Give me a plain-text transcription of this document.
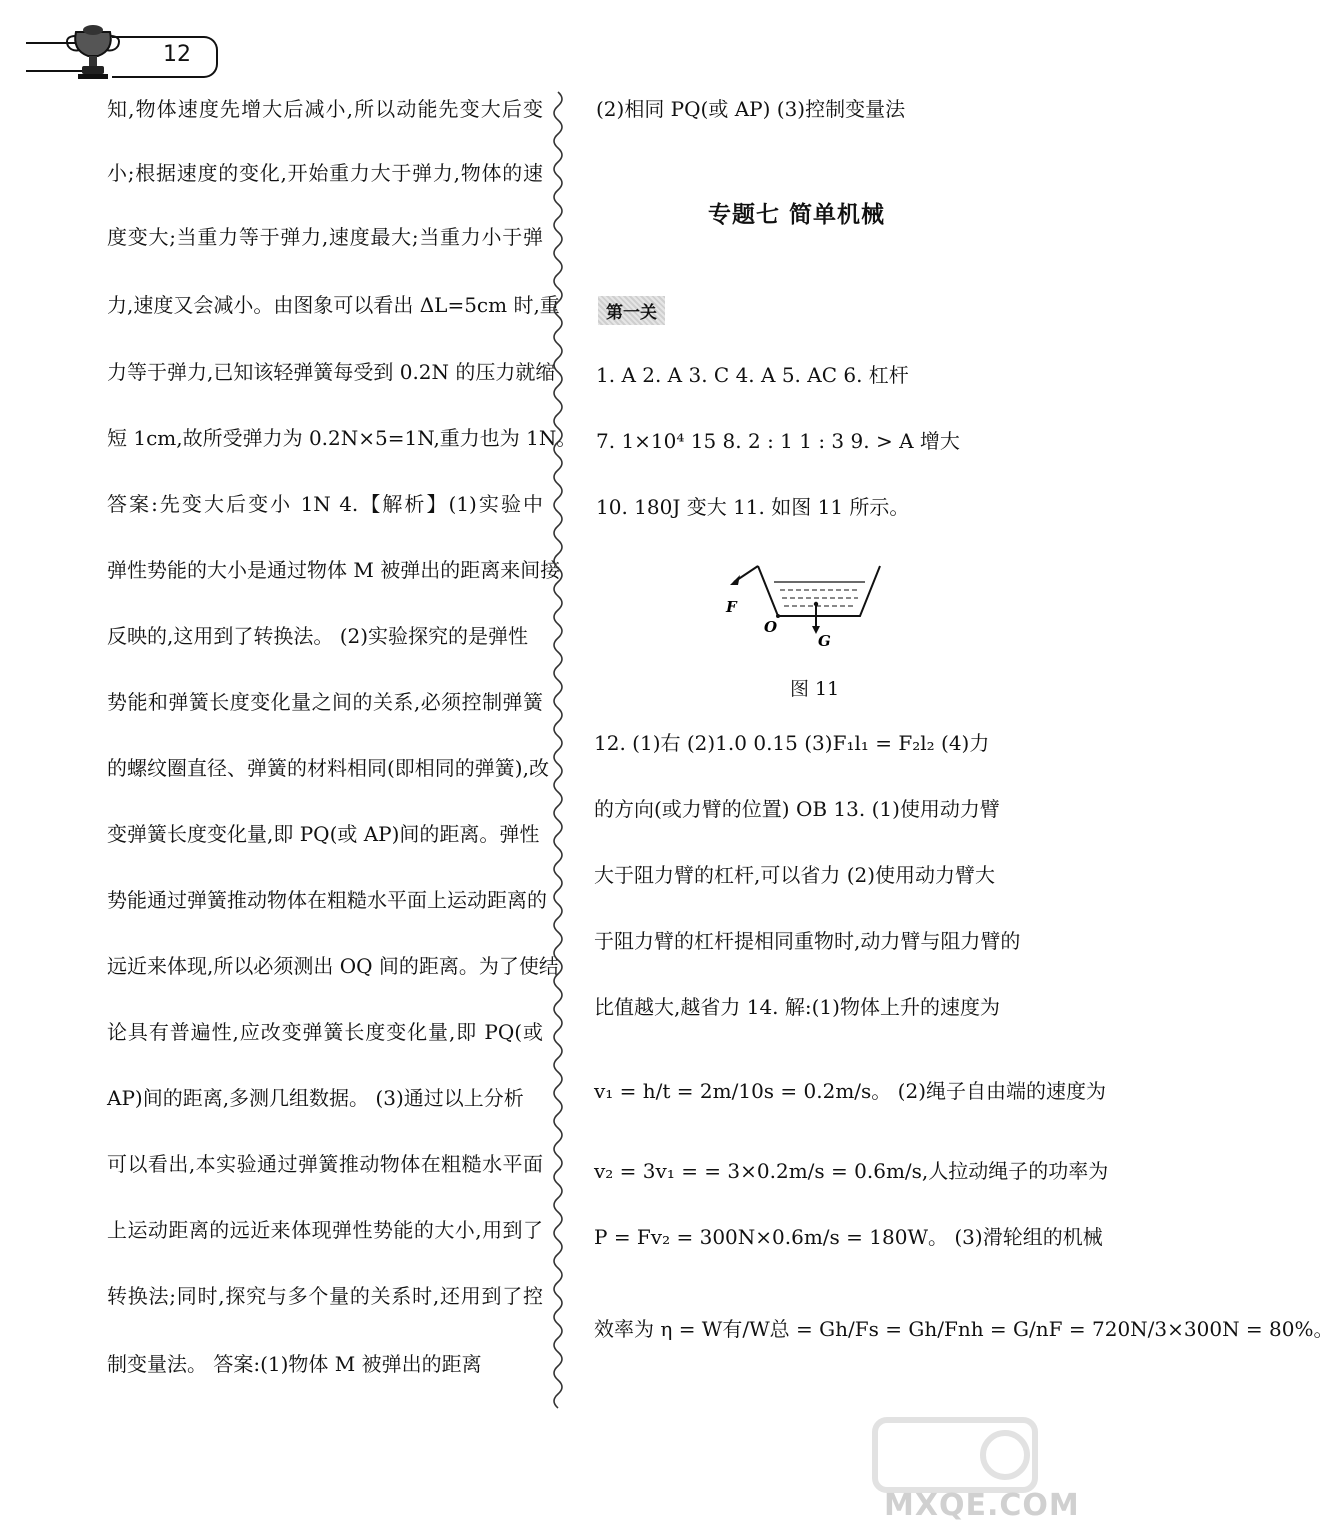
12
知,物体速度先增大后减小,所以动能先变大后变
小;根据速度的变化,开始重力大于弹力,物体的速
度变大;当重力等于弹力,速度最大;当重力小于弹
力,速度又会减小。由图象可以看出 ΔL=5cm 时,重
力等于弹力,已知该轻弹簧每受到 0.2N 的压力就缩
短 1cm,故所受弹力为 0.2N×5=1N,重力也为 1N。
答案:先变大后变小 1N 4.【解析】(1)实验中
弹性势能的大小是通过物体 M 被弹出的距离来间接
反映的,这用到了转换法。 (2)实验探究的是弹性
势能和弹簧长度变化量之间的关系,必须控制弹簧
的螺纹圈直径、弹簧的材料相同(即相同的弹簧),改
变弹簧长度变化量,即 PQ(或 AP)间的距离。弹性
势能通过弹簧推动物体在粗糙水平面上运动距离的
远近来体现,所以必须测出 OQ 间的距离。为了使结
论具有普遍性,应改变弹簧长度变化量,即 PQ(或
AP)间的距离,多测几组数据。 (3)通过以上分析
可以看出,本实验通过弹簧推动物体在粗糙水平面
上运动距离的远近来体现弹性势能的大小,用到了
转换法;同时,探究与多个量的关系时,还用到了控
制变量法。 答案:(1)物体 M 被弹出的距离
(2)相同 PQ(或 AP) (3)控制变量法
专题七 简单机械
第一关
1. A 2. A 3. C 4. A 5. AC 6. 杠杆
7. 1×10⁴ 15 8. 2 : 1 1 : 3 9. > A 增大
10. 180J 变大 11. 如图 11 所示。
F
O
G
图 11
12. (1)右 (2)1.0 0.15 (3)F₁l₁ = F₂l₂ (4)力
的方向(或力臂的位置) OB 13. (1)使用动力臂
大于阻力臂的杠杆,可以省力 (2)使用动力臂大
于阻力臂的杠杆提相同重物时,动力臂与阻力臂的
比值越大,越省力 14. 解:(1)物体上升的速度为
v₁ = h/t = 2m/10s = 0.2m/s。 (2)绳子自由端的速度为
v₂ = 3v₁ = = 3×0.2m/s = 0.6m/s,人拉动绳子的功率为
P = Fv₂ = 300N×0.6m/s = 180W。 (3)滑轮组的机械
效率为 η = W有/W总 = Gh/Fs = Gh/Fnh = G/nF = 720N/3×300N = 80%。
MXQE.COM
